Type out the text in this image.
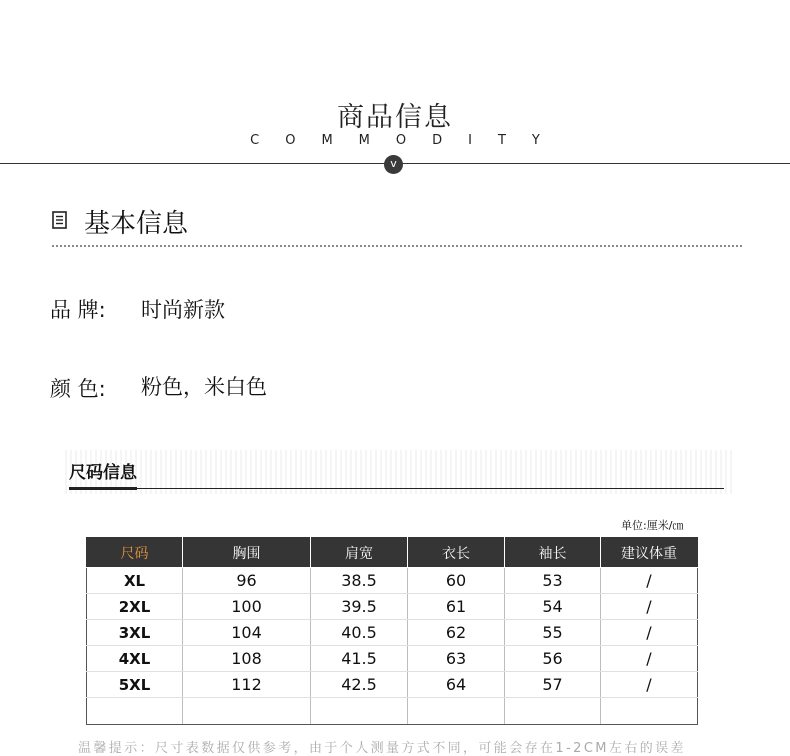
商品信息
COMMODITY
v
基本信息
品 牌: 时尚新款
颜 色: 粉色，米白色
尺码信息
单位:厘米/㎝
尺码	胸围	肩宽	衣长	袖长	建议体重
XL	96	38.5	60	53	/
2XL	100	39.5	61	54	/
3XL	104	40.5	62	55	/
4XL	108	41.5	63	56	/
5XL	112	42.5	64	57	/

温馨提示：尺寸表数据仅供参考，由于个人测量方式不同，可能会存在1-2CM左右的误差
